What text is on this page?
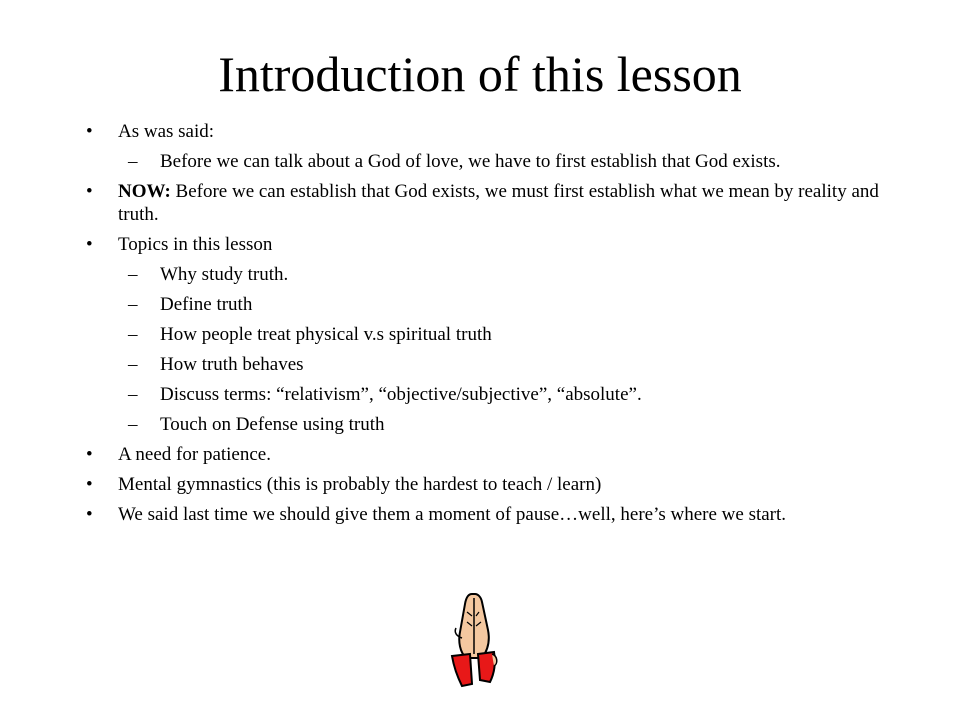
Introduction of this lesson
• As was said:
– Before we can talk about a God of love, we have to first establish that God exists.
• NOW: Before we can establish that God exists, we must first establish what we mean by reality and truth.
• Topics in this lesson
– Why study truth.
– Define truth
– How people treat physical v.s spiritual truth
– How truth behaves
– Discuss terms: “relativism”, “objective/subjective”, “absolute”.
– Touch on Defense using truth
• A need for patience.
• Mental gymnastics (this is probably the hardest to teach / learn)
• We said last time we should give them a moment of pause…well, here’s where we start.
